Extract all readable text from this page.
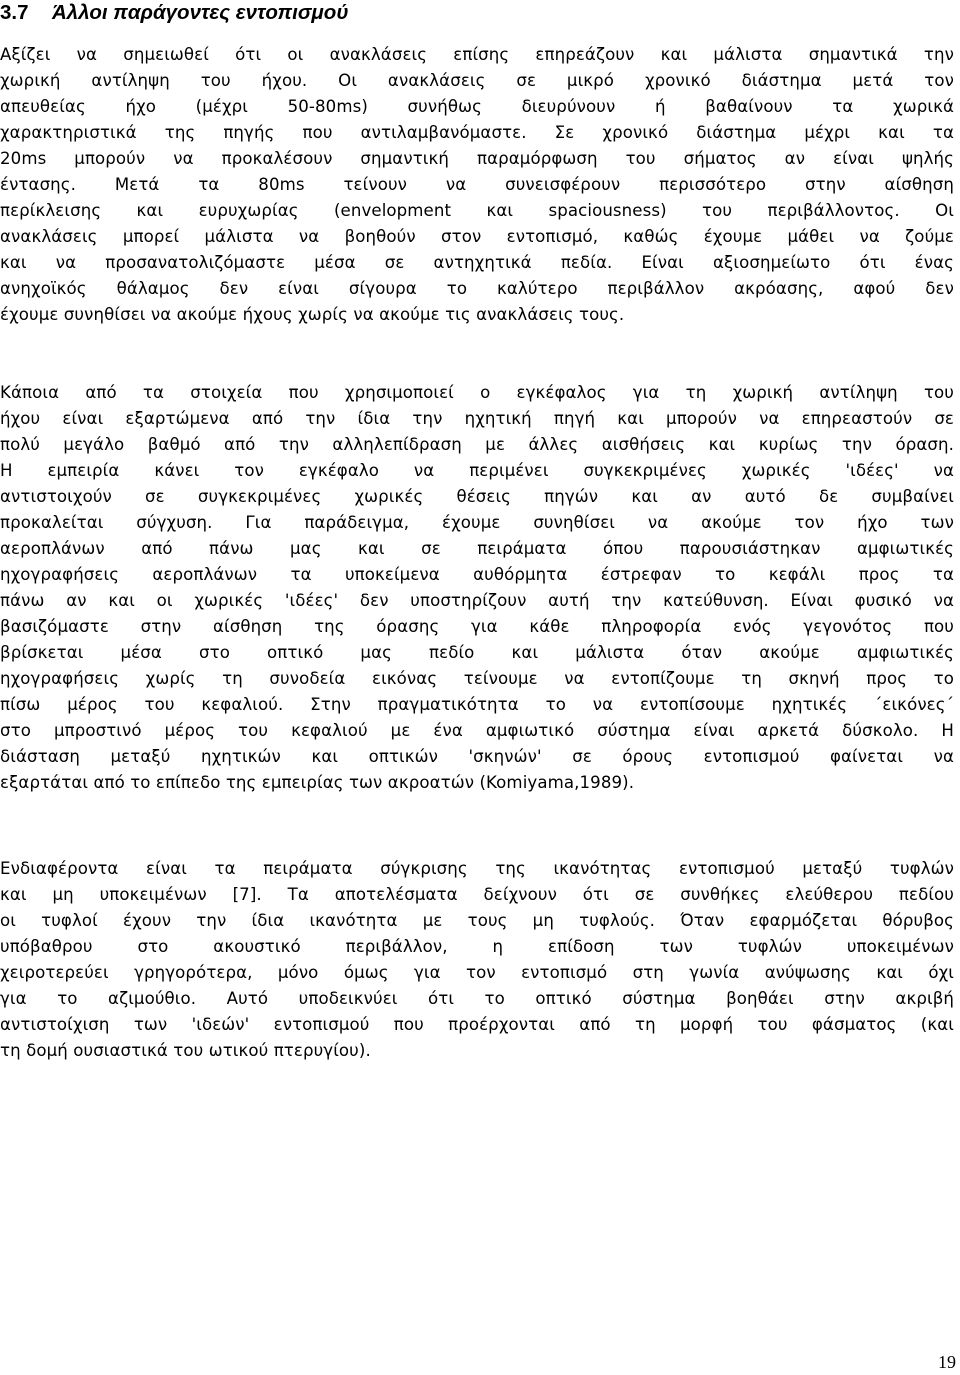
3.7 Άλλοι παράγοντες εντοπισμού
Αξίζει να σημειωθεί ότι οι ανακλάσεις επίσης επηρεάζουν και μάλιστα σημαντικά την
χωρική αντίληψη του ήχου. Οι ανακλάσεις σε μικρό χρονικό διάστημα μετά τον
απευθείας ήχο (μέχρι 50-80ms) συνήθως διευρύνουν ή βαθαίνουν τα χωρικά
χαρακτηριστικά της πηγής που αντιλαμβανόμαστε. Σε χρονικό διάστημα μέχρι και τα
20ms μπορούν να προκαλέσουν σημαντική παραμόρφωση του σήματος αν είναι ψηλής
έντασης. Μετά τα 80ms τείνουν να συνεισφέρουν περισσότερο στην αίσθηση
περίκλεισης και ευρυχωρίας (envelopment και spaciousness) του περιβάλλοντος. Οι
ανακλάσεις μπορεί μάλιστα να βοηθούν στον εντοπισμό, καθώς έχουμε μάθει να ζούμε
και να προσανατολιζόμαστε μέσα σε αντηχητικά πεδία. Είναι αξιοσημείωτο ότι ένας
ανηχοϊκός θάλαμος δεν είναι σίγουρα το καλύτερο περιβάλλον ακρόασης, αφού δεν
έχουμε συνηθίσει να ακούμε ήχους χωρίς να ακούμε τις ανακλάσεις τους.
Κάποια από τα στοιχεία που χρησιμοποιεί ο εγκέφαλος για τη χωρική αντίληψη του
ήχου είναι εξαρτώμενα από την ίδια την ηχητική πηγή και μπορούν να επηρεαστούν σε
πολύ μεγάλο βαθμό από την αλληλεπίδραση με άλλες αισθήσεις και κυρίως την όραση.
Η εμπειρία κάνει τον εγκέφαλο να περιμένει συγκεκριμένες χωρικές 'ιδέες' να
αντιστοιχούν σε συγκεκριμένες χωρικές θέσεις πηγών και αν αυτό δε συμβαίνει
προκαλείται σύγχυση. Για παράδειγμα, έχουμε συνηθίσει να ακούμε τον ήχο των
αεροπλάνων από πάνω μας και σε πειράματα όπου παρουσιάστηκαν αμφιωτικές
ηχογραφήσεις αεροπλάνων τα υποκείμενα αυθόρμητα έστρεφαν το κεφάλι προς τα
πάνω αν και οι χωρικές 'ιδέες' δεν υποστηρίζουν αυτή την κατεύθυνση. Είναι φυσικό να
βασιζόμαστε στην αίσθηση της όρασης για κάθε πληροφορία ενός γεγονότος που
βρίσκεται μέσα στο οπτικό μας πεδίο και μάλιστα όταν ακούμε αμφιωτικές
ηχογραφήσεις χωρίς τη συνοδεία εικόνας τείνουμε να εντοπίζουμε τη σκηνή προς το
πίσω μέρος του κεφαλιού. Στην πραγματικότητα το να εντοπίσουμε ηχητικές ΄εικόνες΄
στο μπροστινό μέρος του κεφαλιού με ένα αμφιωτικό σύστημα είναι αρκετά δύσκολο. Η
διάσταση μεταξύ ηχητικών και οπτικών 'σκηνών' σε όρους εντοπισμού φαίνεται να
εξαρτάται από το επίπεδο της εμπειρίας των ακροατών (Komiyama,1989).
Ενδιαφέροντα είναι τα πειράματα σύγκρισης της ικανότητας εντοπισμού μεταξύ τυφλών
και μη υποκειμένων [7]. Τα αποτελέσματα δείχνουν ότι σε συνθήκες ελεύθερου πεδίου
οι τυφλοί έχουν την ίδια ικανότητα με τους μη τυφλούς. Όταν εφαρμόζεται θόρυβος
υπόβαθρου στο ακουστικό περιβάλλον, η επίδοση των τυφλών υποκειμένων
χειροτερεύει γρηγορότερα, μόνο όμως για τον εντοπισμό στη γωνία ανύψωσης και όχι
για το αζιμούθιο. Αυτό υποδεικνύει ότι το οπτικό σύστημα βοηθάει στην ακριβή
αντιστοίχιση των 'ιδεών' εντοπισμού που προέρχονται από τη μορφή του φάσματος (και
τη δομή ουσιαστικά του ωτικού πτερυγίου).
19
